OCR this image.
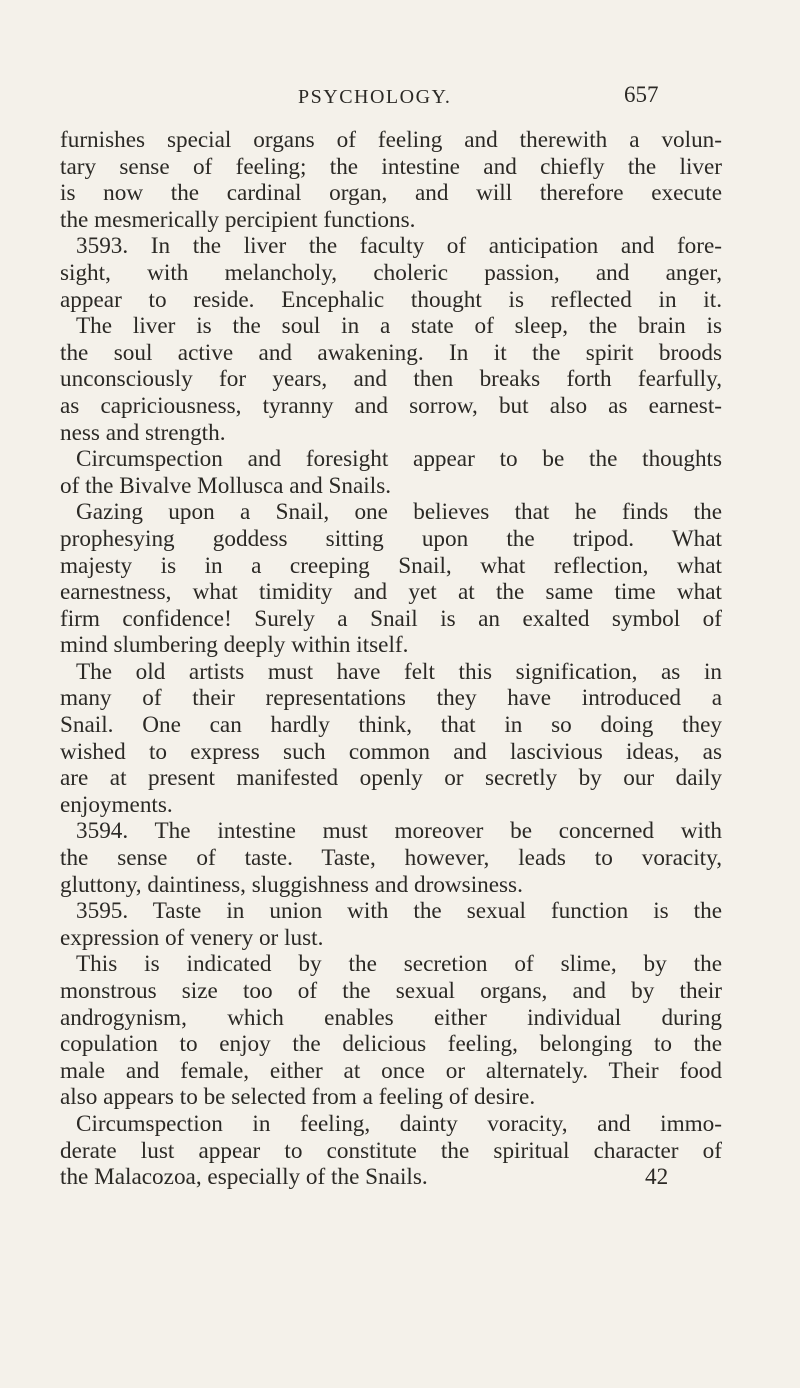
PSYCHOLOGY.	657
furnishes special organs of feeling and therewith a volun-
tary sense of feeling; the intestine and chiefly the liver
is now the cardinal organ, and will therefore execute
the mesmerically percipient functions.
3593. In the liver the faculty of anticipation and fore-
sight, with melancholy, choleric passion, and anger,
appear to reside. Encephalic thought is reflected in it.
The liver is the soul in a state of sleep, the brain is
the soul active and awakening. In it the spirit broods
unconsciously for years, and then breaks forth fearfully,
as capriciousness, tyranny and sorrow, but also as earnest-
ness and strength.
Circumspection and foresight appear to be the thoughts
of the Bivalve Mollusca and Snails.
Gazing upon a Snail, one believes that he finds the
prophesying goddess sitting upon the tripod. What
majesty is in a creeping Snail, what reflection, what
earnestness, what timidity and yet at the same time what
firm confidence! Surely a Snail is an exalted symbol of
mind slumbering deeply within itself.
The old artists must have felt this signification, as in
many of their representations they have introduced a
Snail. One can hardly think, that in so doing they
wished to express such common and lascivious ideas, as
are at present manifested openly or secretly by our daily
enjoyments.
3594. The intestine must moreover be concerned with
the sense of taste. Taste, however, leads to voracity,
gluttony, daintiness, sluggishness and drowsiness.
3595. Taste in union with the sexual function is the
expression of venery or lust.
This is indicated by the secretion of slime, by the
monstrous size too of the sexual organs, and by their
androgynism, which enables either individual during
copulation to enjoy the delicious feeling, belonging to the
male and female, either at once or alternately. Their food
also appears to be selected from a feeling of desire.
Circumspection in feeling, dainty voracity, and immo-
derate lust appear to constitute the spiritual character of
the Malacozoa, especially of the Snails.	42
